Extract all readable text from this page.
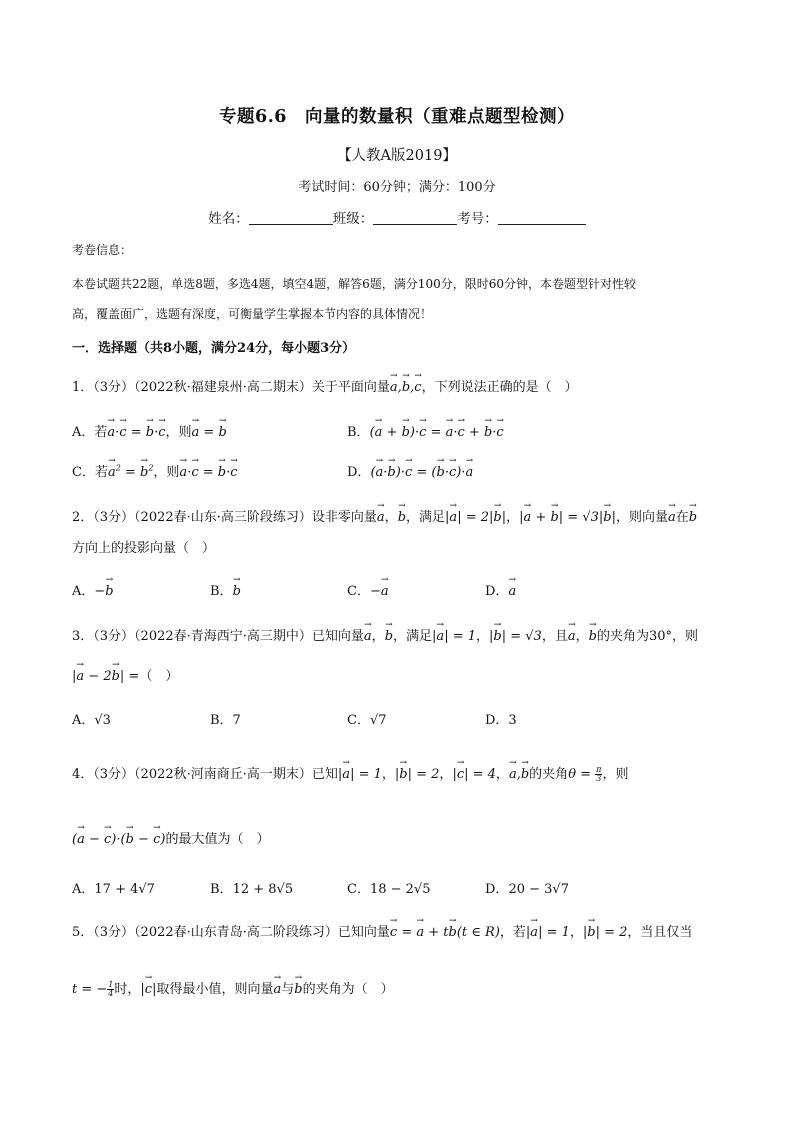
专题6.6　向量的数量积（重难点题型检测）
【人教A版2019】
考试时间：60分钟；满分：100分
姓名：	班级：	考号：
考卷信息：
本卷试题共22题，单选8题，多选4题，填空4题，解答6题，满分100分，限时60分钟，本卷题型针对性较
高，覆盖面广，选题有深度，可衡量学生掌握本节内容的具体情况！
一．选择题（共8小题，满分24分，每小题3分）
1．（3分）（2022秋·福建泉州·高二期末）关于平面向量→ a,→ b,→ c，下列说法正确的是（　）
A．若→ a·→ c = → b·→ c，则→ a = → b	B．(→ a + → b)·→ c = → a·→ c + → b·→ c
C．若→ $a^2$ = → $b^2$，则→ a·→ c = → b·→ c	D．(→ a·→ b)·→ c = (→ b·→ c)·→ a
2．（3分）（2022春·山东·高三阶段练习）设非零向量→ a，→ b，满足|→ a| = 2|→ b|，|→ a + → b| = √3|→ b|，则向量→ a在→ b
方向上的投影向量（　）
A．−→ b	B．→ b	C．−→ a	D．→ a
3．（3分）（2022春·青海西宁·高三期中）已知向量→ a，→ b，满足|→ a| = 1，|→ b| = √3，且→ a，→ b的夹角为30°，则
|→ a − 2→ b| =（　）
A．√3	B．7	C．√7	D．3
4．（3分）（2022秋·河南商丘·高一期末）已知|→ a| = 1，|→ b| = 2，|→ c| = 4，→ a,→ b的夹角$\theta = \frac{\pi}{3}$ ，则
(→ a − → c)·(→ b − → c)的最大值为（　）
A．17 + 4√7	B．12 + 8√5	C．18 − 2√5	D．20 − 3√7
5．（3分）（2022春·山东青岛·高二阶段练习）已知向量→ c = → a + t→ b(t ∈ R)，若|→ a| = 1，|→ b| = 2，当且仅当
t = − $\frac{1}{4}$ 时，|→ c|取得最小值，则向量→ a与→ b的夹角为（　）
